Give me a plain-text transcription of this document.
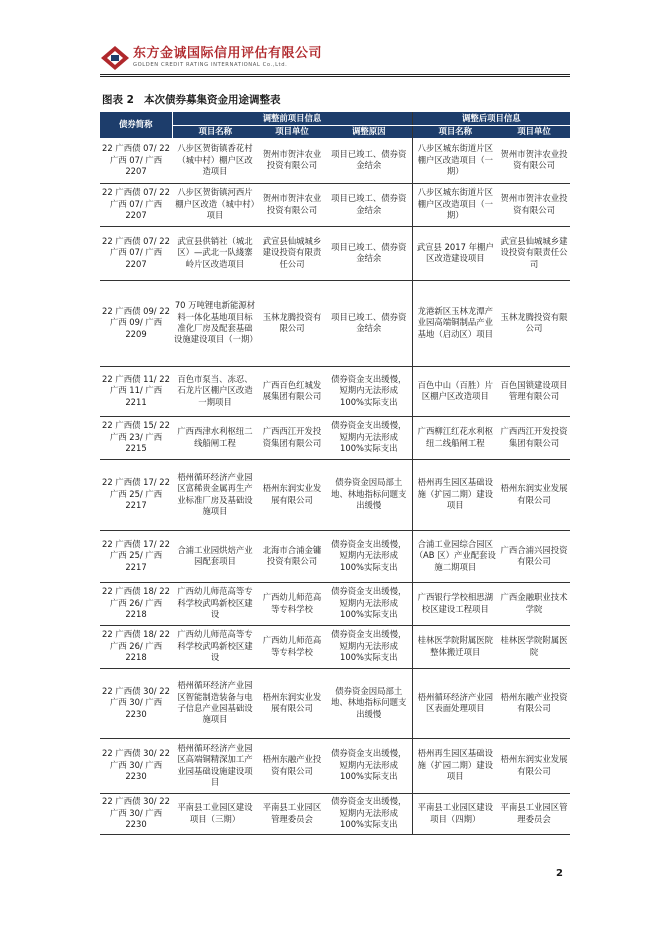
东方金诚国际信用评估有限公司
GOLDEN CREDIT RATING INTERNATIONAL Co.,Ltd.
图表 2 本次债券募集资金用途调整表
债券简称	调整前项目信息			调整后项目信息	
	项目名称	项目单位	调整原因	项目名称	项目单位
22 广西债 07/ 22 广西 07/ 广西 2207	八步区贺街镇香花村（城中村）棚户区改造项目	贺州市贺沣农业投资有限公司	项目已竣工、债券资金结余	八步区城东街道片区棚户区改造项目（一期）	贺州市贺沣农业投资有限公司
22 广西债 07/ 22 广西 07/ 广西 2207	八步区贺街镇河西片棚户区改造（城中村）项目	贺州市贺沣农业投资有限公司	项目已竣工、债券资金结余	八步区城东街道片区棚户区改造项目（一期）	贺州市贺沣农业投资有限公司
22 广西债 07/ 22 广西 07/ 广西 2207	武宣县供销社（城北区）—武北一队綫寨岭片区改造项目	武宣县仙城城乡建设投资有限责任公司	项目已竣工、债券资金结余	武宣县 2017 年棚户区改造建设项目	武宣县仙城城乡建设投资有限责任公司
22 广西债 09/ 22 广西 09/ 广西 2209	70 万吨锂电新能源材料一体化基地项目标准化厂房及配套基础设施建设项目（一期）	玉林龙腾投资有限公司	项目已竣工、债券资金结余	龙港新区玉林龙潭产业园高端铜制品产业基地（启动区）项目	玉林龙腾投资有限公司
22 广西债 11/ 22 广西 11/ 广西 2211	百色市泵当、冻忍、石龙片区棚户区改造一期项目	广西百色红城发展集团有限公司	债券资金支出缓慢，短期内无法形成 100%实际支出	百色中山（百胜）片区棚户区改造项目	百色国锁建设项目管理有限公司
22 广西债 15/ 22 广西 23/ 广西 2215	广西西津水利枢纽二线船闸工程	广西西江开发投资集团有限公司	债券资金支出缓慢，短期内无法形成 100%实际支出	广西柳江红花水利枢纽二线船闸工程	广西西江开发投资集团有限公司
22 广西债 17/ 22 广西 25/ 广西 2217	梧州循环经济产业园区富稀贵金属再生产业标准厂房及基础设施项目	梧州东润实业发展有限公司	债券资金因局部土地、林地指标问题支出缓慢	梧州再生园区基础设施（扩园二期）建设项目	梧州东润实业发展有限公司
22 广西债 17/ 22 广西 25/ 广西 2217	合浦工业园烘焙产业园配套项目	北海市合浦金镛投资有限公司	债券资金支出缓慢，短期内无法形成 100%实际支出	合浦工业园综合园区（AB 区）产业配套设施二期项目	广西合浦兴园投资有限公司
22 广西债 18/ 22 广西 26/ 广西 2218	广西幼儿师范高等专科学校武鸣新校区建设	广西幼儿师范高等专科学校	债券资金支出缓慢，短期内无法形成 100%实际支出	广西银行学校相思湖校区建设工程项目	广西金融职业技术学院
22 广西债 18/ 22 广西 26/ 广西 2218	广西幼儿师范高等专科学校武鸣新校区建设	广西幼儿师范高等专科学校	债券资金支出缓慢，短期内无法形成 100%实际支出	桂林医学院附属医院整体搬迁项目	桂林医学院附属医院
22 广西债 30/ 22 广西 30/ 广西 2230	梧州循环经济产业园区智能制造装备与电子信息产业园基础设施项目	梧州东润实业发展有限公司	债券资金因局部土地、林地指标问题支出缓慢	梧州循环经济产业园区表面处理项目	梧州东融产业投资有限公司
22 广西债 30/ 22 广西 30/ 广西 2230	梧州循环经济产业园区高端铜精深加工产业园基础设施建设项目	梧州东融产业投资有限公司	债券资金支出缓慢，短期内无法形成 100%实际支出	梧州再生园区基础设施（扩园二期）建设项目	梧州东润实业发展有限公司
22 广西债 30/ 22 广西 30/ 广西 2230	平南县工业园区建设项目（三期）	平南县工业园区管理委员会	债券资金支出缓慢，短期内无法形成 100%实际支出	平南县工业园区建设项目（四期）	平南县工业园区管理委员会
2
